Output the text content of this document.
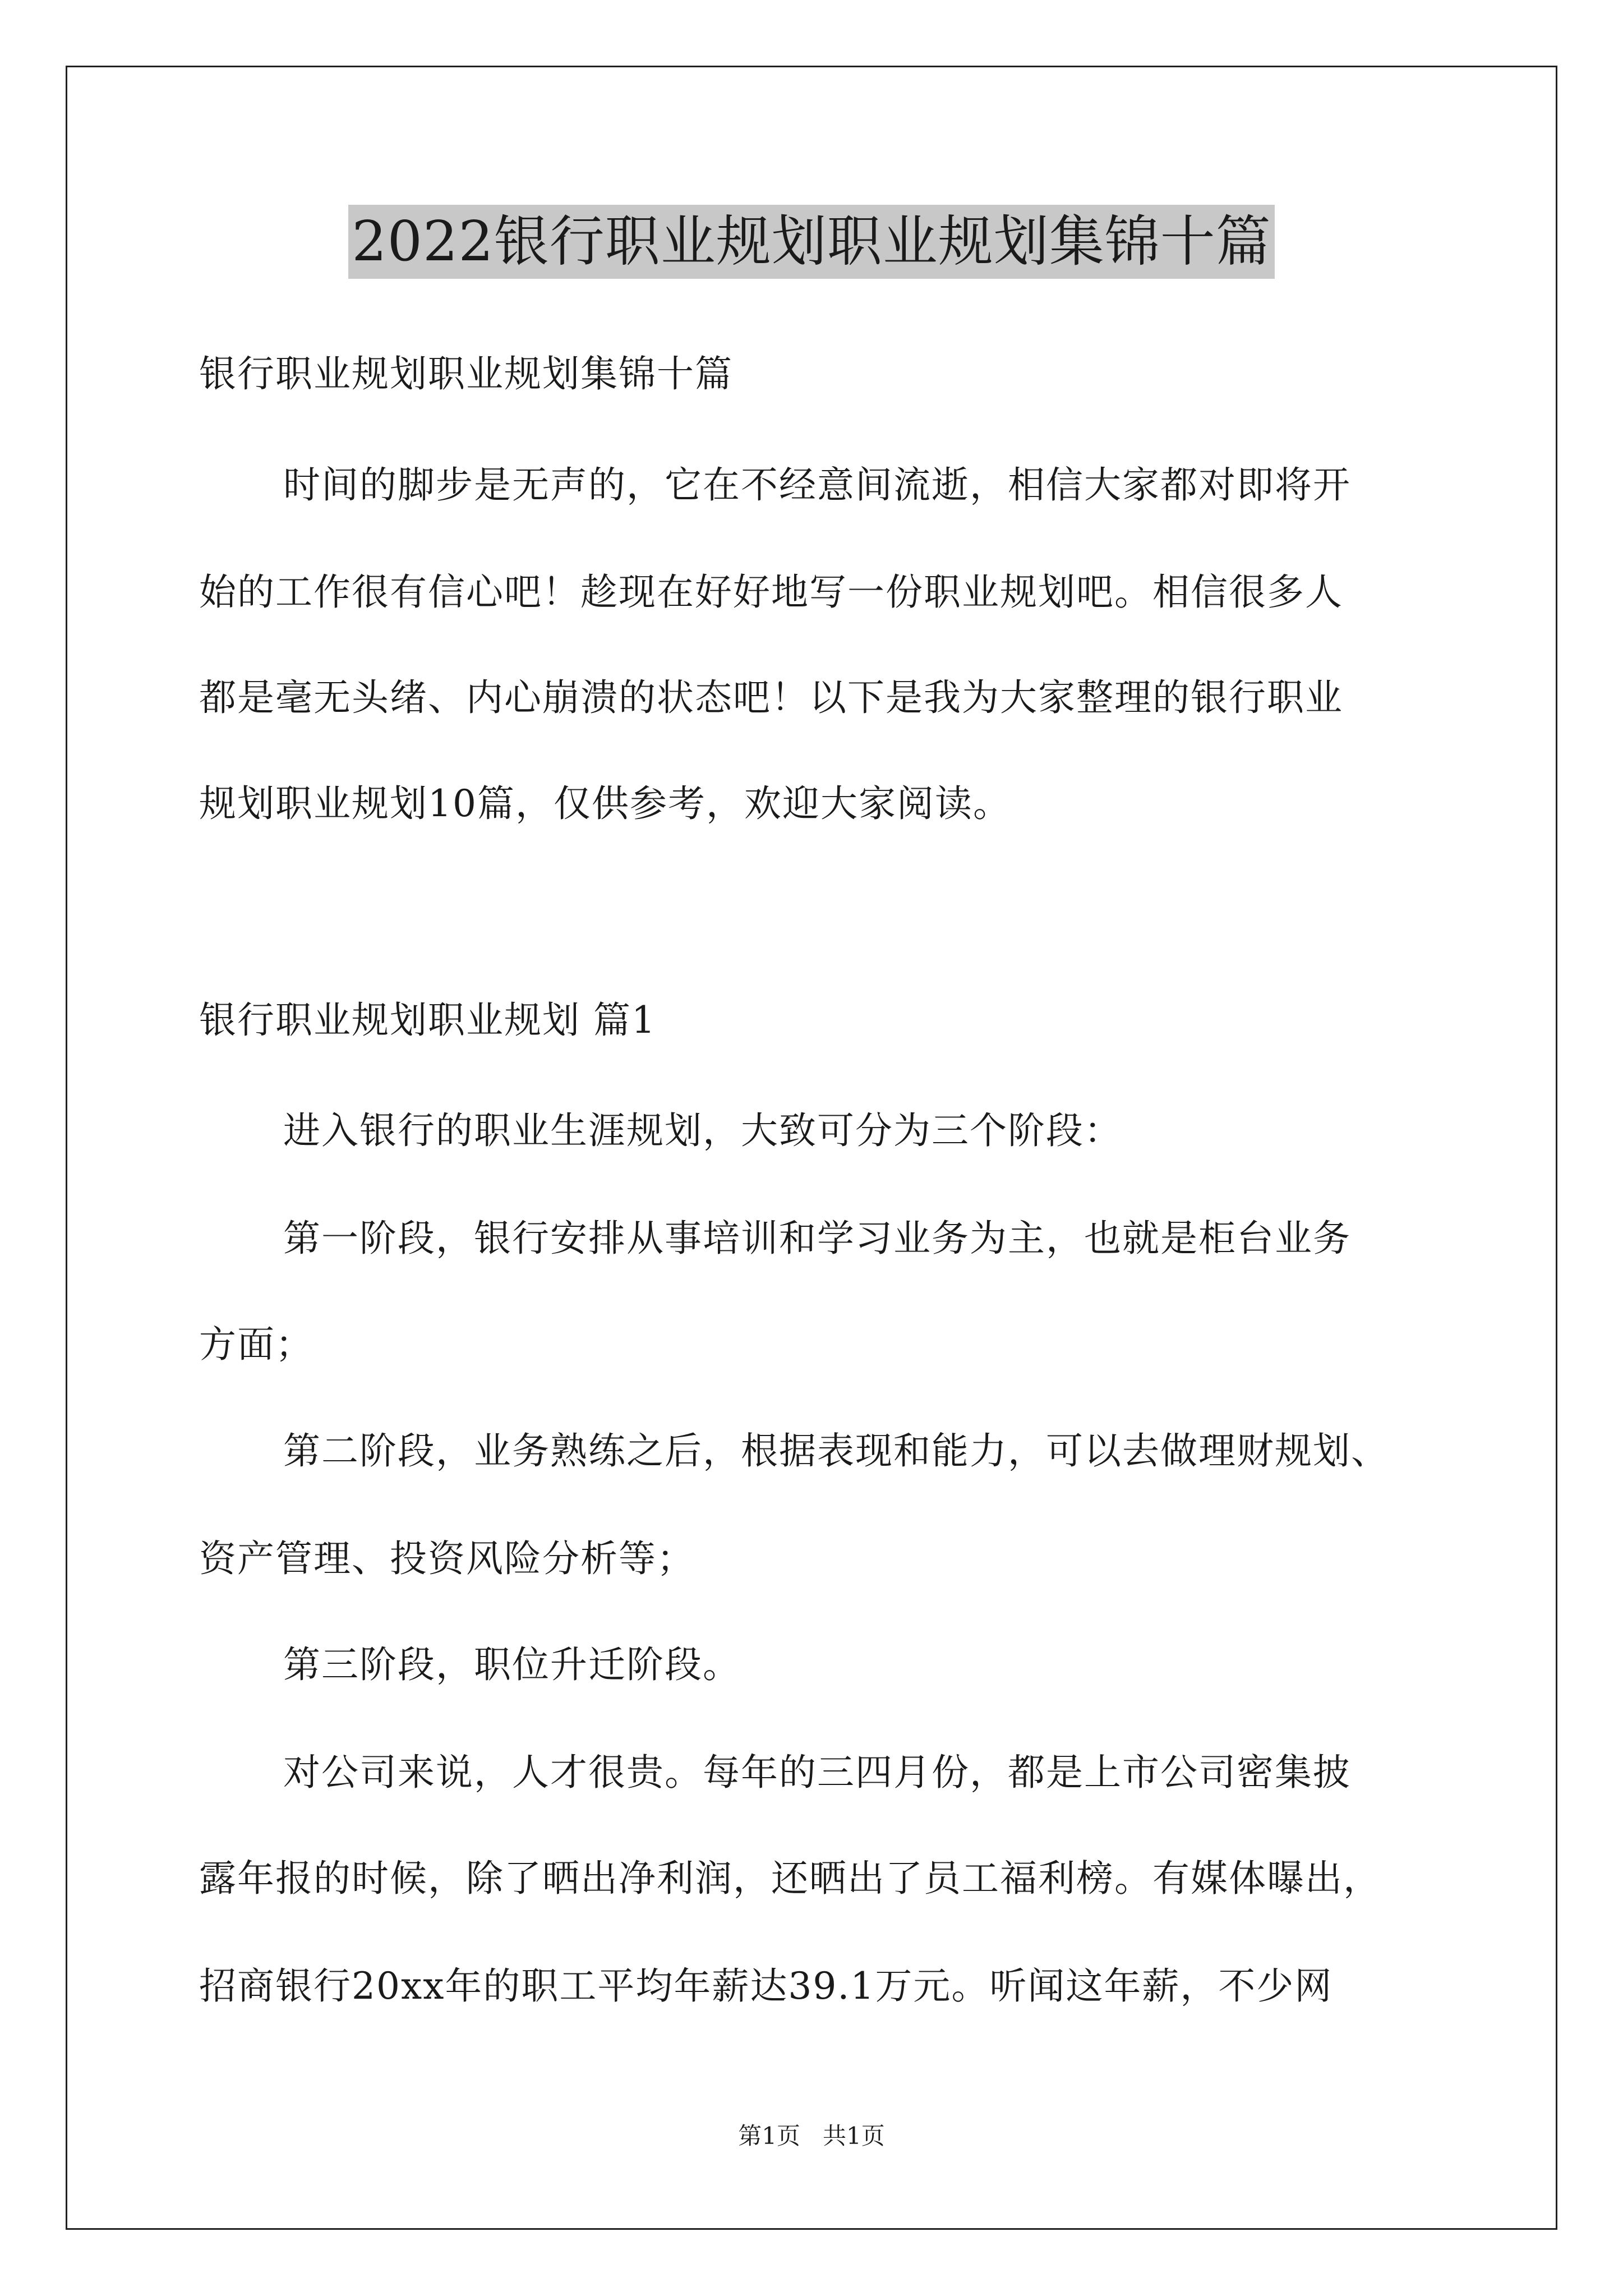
2022银行职业规划职业规划集锦十篇
银行职业规划职业规划集锦十篇
时间的脚步是无声的，它在不经意间流逝，相信大家都对即将开
始的工作很有信心吧！趁现在好好地写一份职业规划吧。相信很多人
都是毫无头绪、内心崩溃的状态吧！以下是我为大家整理的银行职业
规划职业规划10篇，仅供参考，欢迎大家阅读。
银行职业规划职业规划 篇1
进入银行的职业生涯规划，大致可分为三个阶段：
第一阶段，银行安排从事培训和学习业务为主，也就是柜台业务
方面；
第二阶段，业务熟练之后，根据表现和能力，可以去做理财规划、
资产管理、投资风险分析等；
第三阶段，职位升迁阶段。
对公司来说，人才很贵。每年的三四月份，都是上市公司密集披
露年报的时候，除了晒出净利润，还晒出了员工福利榜。有媒体曝出，
招商银行20xx年的职工平均年薪达39.1万元。听闻这年薪，不少网
第1页   共1页
